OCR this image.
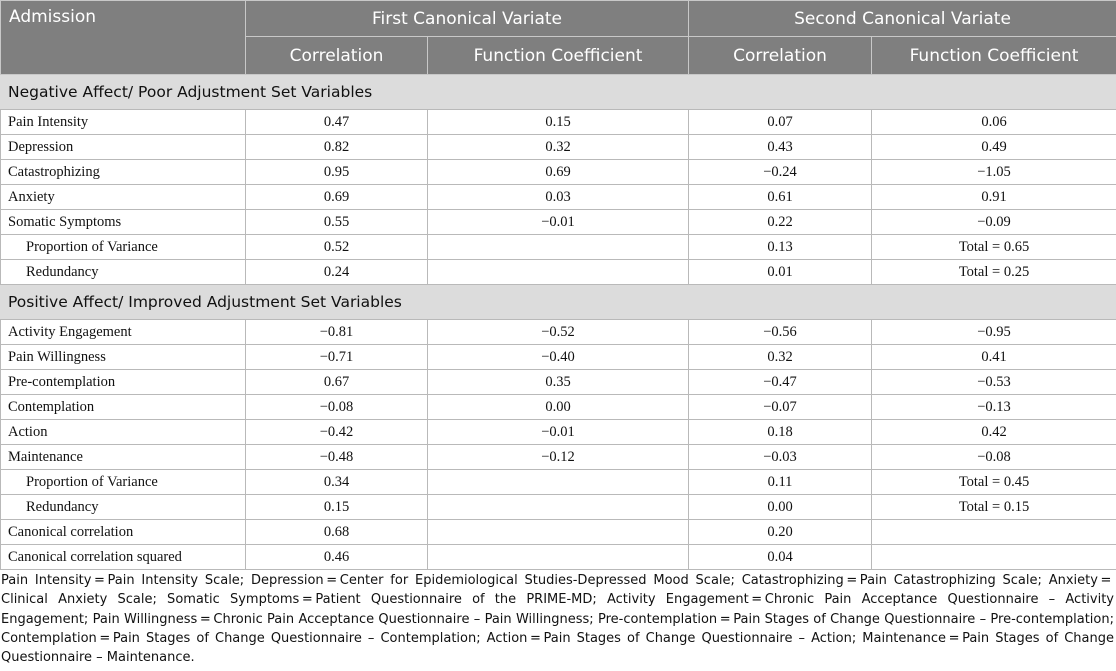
Admission	First Canonical Variate		Second Canonical Variate	
	Correlation	Function Coefficient	Correlation	Function Coefficient
Negative Affect/ Poor Adjustment Set Variables				
Pain Intensity	0.47	0.15	0.07	0.06
Depression	0.82	0.32	0.43	0.49
Catastrophizing	0.95	0.69	−0.24	−1.05
Anxiety	0.69	0.03	0.61	0.91
Somatic Symptoms	0.55	−0.01	0.22	−0.09
Proportion of Variance	0.52		0.13	Total = 0.65
Redundancy	0.24		0.01	Total = 0.25
Positive Affect/ Improved Adjustment Set Variables				
Activity Engagement	−0.81	−0.52	−0.56	−0.95
Pain Willingness	−0.71	−0.40	0.32	0.41
Pre-contemplation	0.67	0.35	−0.47	−0.53
Contemplation	−0.08	0.00	−0.07	−0.13
Action	−0.42	−0.01	0.18	0.42
Maintenance	−0.48	−0.12	−0.03	−0.08
Proportion of Variance	0.34		0.11	Total = 0.45
Redundancy	0.15		0.00	Total = 0.15
Canonical correlation	0.68		0.20	
Canonical correlation squared	0.46		0.04	

Pain Intensity = Pain Intensity Scale; Depression = Center for Epidemiological Studies-Depressed Mood Scale; Catastrophizing = Pain Catastrophizing Scale; Anxiety = Clinical Anxiety Scale; Somatic Symptoms = Patient Questionnaire of the PRIME-MD; Activity Engagement = Chronic Pain Acceptance Questionnaire – Activity Engagement; Pain Willingness = Chronic Pain Acceptance Questionnaire – Pain Willingness; Pre-contemplation = Pain Stages of Change Questionnaire – Pre-contemplation; Contemplation = Pain Stages of Change Questionnaire – Contemplation; Action = Pain Stages of Change Questionnaire – Action; Maintenance = Pain Stages of Change Questionnaire – Maintenance.
